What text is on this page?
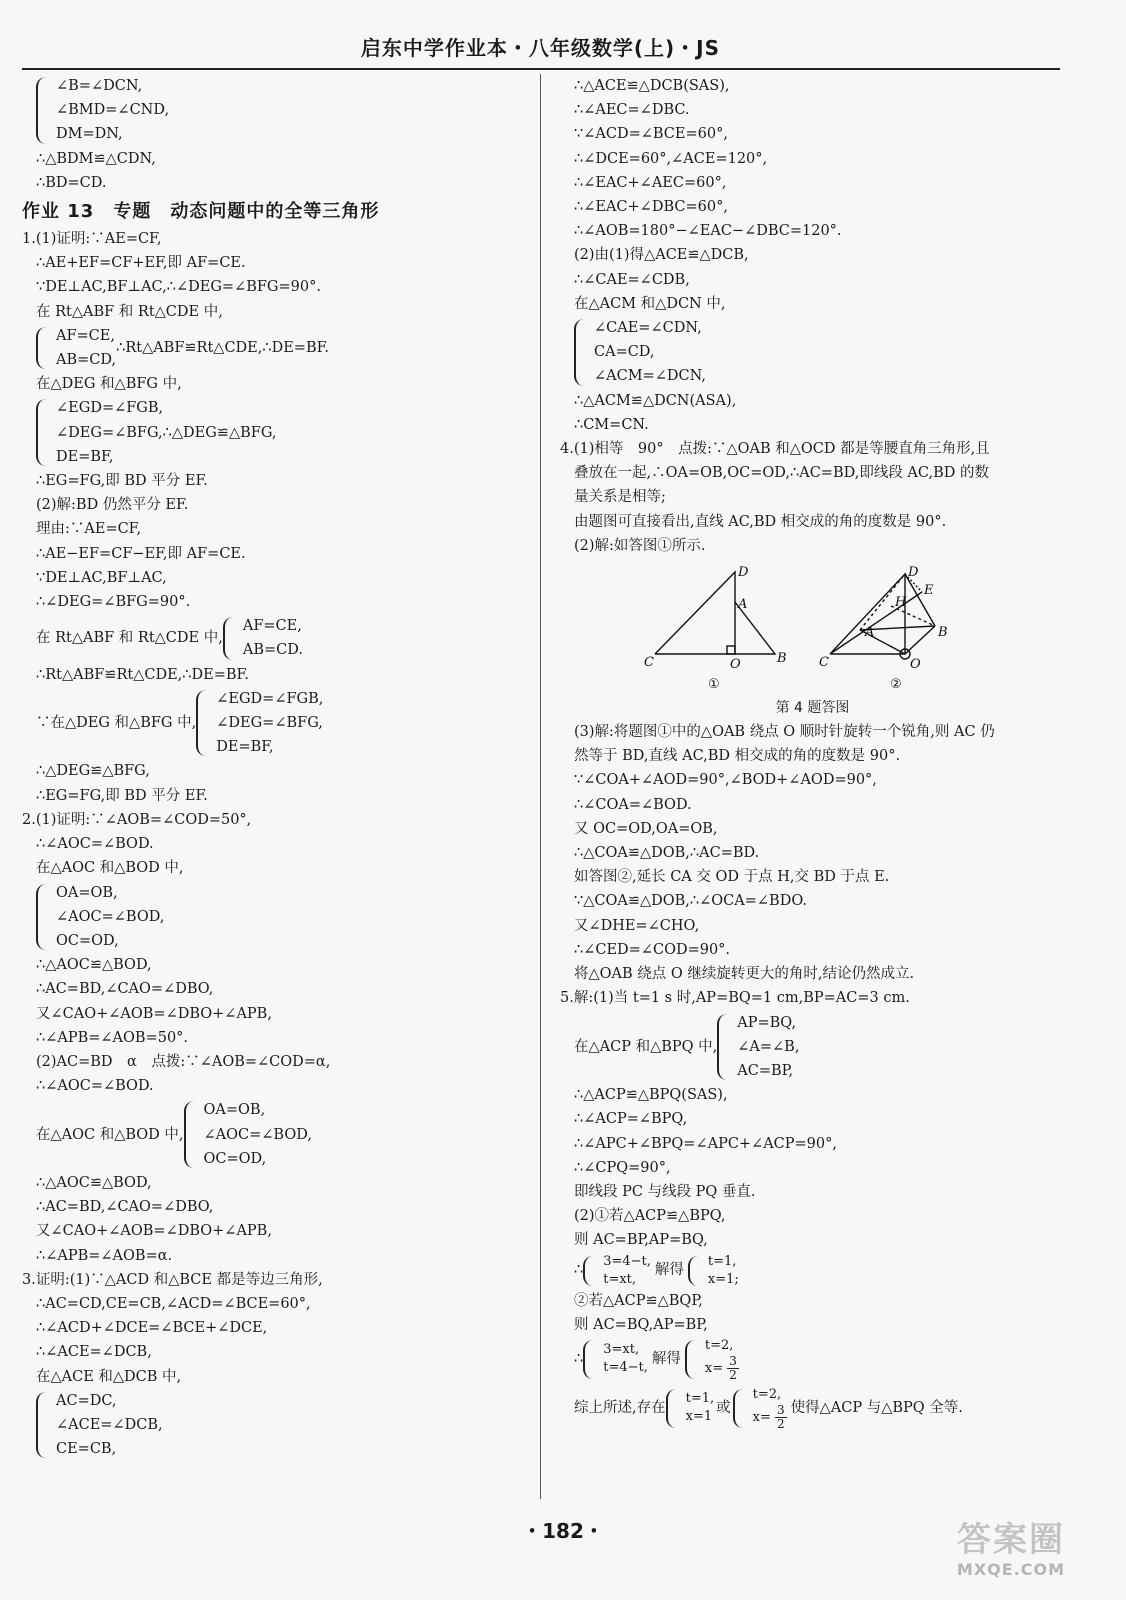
启东中学作业本・八年级数学(上)・JS
∠B=∠DCN,
∠BMD=∠CND,
DM=DN,
∴△BDM≌△CDN,
∴BD=CD.
作业 13　专题　动态问题中的全等三角形
1.(1)证明:∵AE=CF,
∴AE+EF=CF+EF,即 AF=CE.
∵DE⊥AC,BF⊥AC,∴∠DEG=∠BFG=90°.
在 Rt△ABF 和 Rt△CDE 中,
AF=CE,
AB=CD,
∴Rt△ABF≌Rt△CDE,∴DE=BF.
在△DEG 和△BFG 中,
∠EGD=∠FGB,
∠DEG=∠BFG,∴△DEG≌△BFG,
DE=BF,
∴EG=FG,即 BD 平分 EF.
(2)解:BD 仍然平分 EF.
理由:∵AE=CF,
∴AE−EF=CF−EF,即 AF=CE.
∵DE⊥AC,BF⊥AC,
∴∠DEG=∠BFG=90°.
在 Rt△ABF 和 Rt△CDE 中,
AF=CE,
AB=CD.
∴Rt△ABF≌Rt△CDE,∴DE=BF.
∵在△DEG 和△BFG 中,
∠EGD=∠FGB,
∠DEG=∠BFG,
DE=BF,
∴△DEG≌△BFG,
∴EG=FG,即 BD 平分 EF.
2.(1)证明:∵∠AOB=∠COD=50°,
∴∠AOC=∠BOD.
在△AOC 和△BOD 中,
OA=OB,
∠AOC=∠BOD,
OC=OD,
∴△AOC≌△BOD,
∴AC=BD,∠CAO=∠DBO,
又∠CAO+∠AOB=∠DBO+∠APB,
∴∠APB=∠AOB=50°.
(2)AC=BD　α　点拨:∵∠AOB=∠COD=α,
∴∠AOC=∠BOD.
在△AOC 和△BOD 中,
OA=OB,
∠AOC=∠BOD,
OC=OD,
∴△AOC≌△BOD,
∴AC=BD,∠CAO=∠DBO,
又∠CAO+∠AOB=∠DBO+∠APB,
∴∠APB=∠AOB=α.
3.证明:(1)∵△ACD 和△BCE 都是等边三角形,
∴AC=CD,CE=CB,∠ACD=∠BCE=60°,
∴∠ACD+∠DCE=∠BCE+∠DCE,
∴∠ACE=∠DCB,
在△ACE 和△DCB 中,
AC=DC,
∠ACE=∠DCB,
CE=CB,
∴△ACE≌△DCB(SAS),
∴∠AEC=∠DBC.
∵∠ACD=∠BCE=60°,
∴∠DCE=60°,∠ACE=120°,
∴∠EAC+∠AEC=60°,
∴∠EAC+∠DBC=60°,
∴∠AOB=180°−∠EAC−∠DBC=120°.
(2)由(1)得△ACE≌△DCB,
∴∠CAE=∠CDB,
在△ACM 和△DCN 中,
∠CAE=∠CDN,
CA=CD,
∠ACM=∠DCN,
∴△ACM≌△DCN(ASA),
∴CM=CN.
4.(1)相等　90°　点拨:∵△OAB 和△OCD 都是等腰直角三角形,且
叠放在一起,∴OA=OB,OC=OD,∴AC=BD,即线段 AC,BD 的数
量关系是相等;
由题图可直接看出,直线 AC,BD 相交成的角的度数是 90°.
(2)解:如答图①所示.
D
A
C	O	B
①
D
E
H
A	B
C	O
②
第 4 题答图
(3)解:将题图①中的△OAB 绕点 O 顺时针旋转一个锐角,则 AC 仍
然等于 BD,直线 AC,BD 相交成的角的度数是 90°.
∵∠COA+∠AOD=90°,∠BOD+∠AOD=90°,
∴∠COA=∠BOD.
又 OC=OD,OA=OB,
∴△COA≌△DOB,∴AC=BD.
如答图②,延长 CA 交 OD 于点 H,交 BD 于点 E.
∵△COA≌△DOB,∴∠OCA=∠BDO.
又∠DHE=∠CHO,
∴∠CED=∠COD=90°.
将△OAB 绕点 O 继续旋转更大的角时,结论仍然成立.
5.解:(1)当 t=1 s 时,AP=BQ=1 cm,BP=AC=3 cm.
在△ACP 和△BPQ 中,
AP=BQ,
∠A=∠B,
AC=BP,
∴△ACP≌△BPQ(SAS),
∴∠ACP=∠BPQ,
∴∠APC+∠BPQ=∠APC+∠ACP=90°,
∴∠CPQ=90°,
即线段 PC 与线段 PQ 垂直.
(2)①若△ACP≌△BPQ,
则 AC=BP,AP=BQ,
∴
3=4−t,
t=xt,
解得
t=1,
x=1;
②若△ACP≌△BQP,
则 AC=BQ,AP=BP,
∴
3=xt,
t=4−t,
解得
t=2,
$x= \frac{3}{2}$
综上所述,存在
t=1,
x=1
或
t=2,
$x= \frac{3}{2}$ 使得△ACP 与△BPQ 全等.
・182・	答案圈
MXQE.COM
